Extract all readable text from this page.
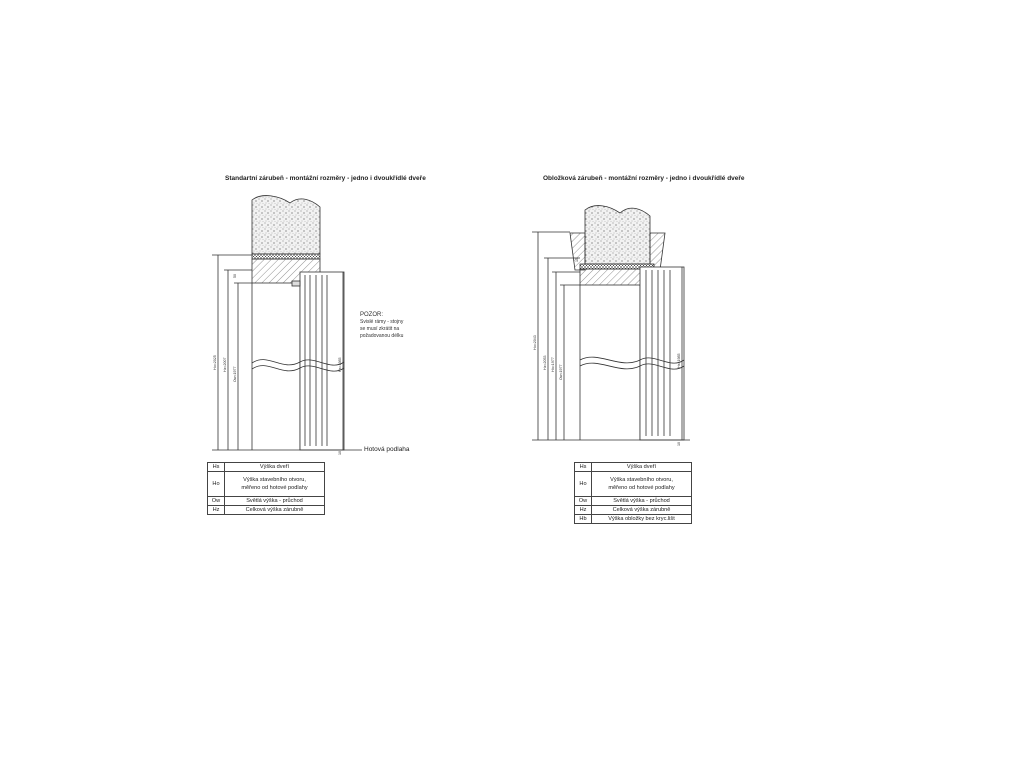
Standartní zárubeň - montážní rozměry - jedno i dvoukřídlé dveře	Obložková zárubeň - montážní rozměry - jedno i dvoukřídlé dveře
POZOR:
Svislé rámy - stojny
se musí zkrátit na
požadovanou délku
Hotová podlaha
Ho=2025 Hz=2007
Ow=1977
Hs=1985
50
10
Ho=2043
Hz=2053 Hb=1977 Ow=1977
Hs=1985
10
10
Hs	Výška dveří
Ho	Výška stavebního otvoru,
měřeno od hotové podlahy

Ow	Světlá výška - průchod
Hz	Celková výška zárubně
Hs	Výška dveří
Ho	Výška stavebního otvoru,
měřeno od hotové podlahy

Ow	Světlá výška - průchod
Hz	Celková výška zárubně
Hb	Výška obložky bez kryc.lišt
